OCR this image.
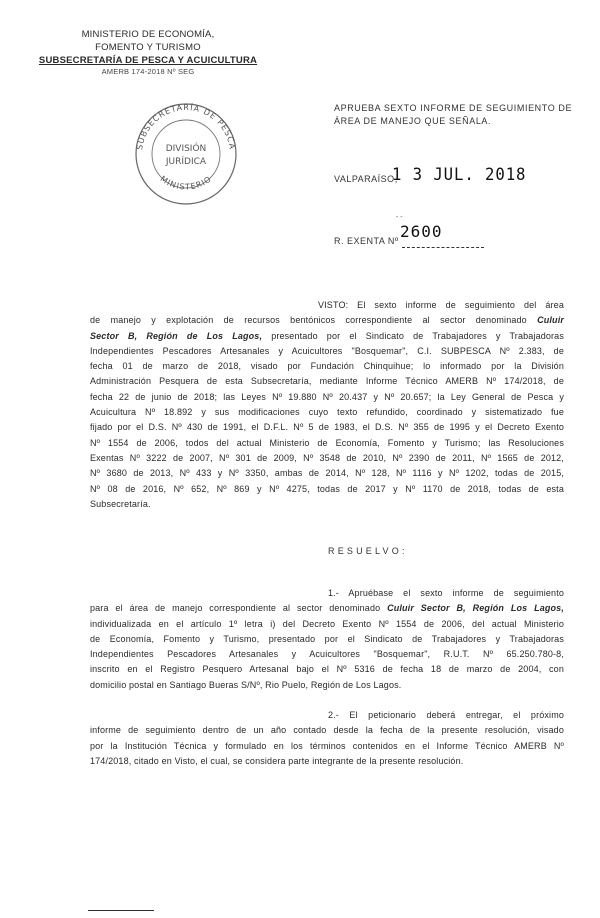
MINISTERIO DE ECONOMÍA,
FOMENTO Y TURISMO
SUBSECRETARÍA DE PESCA Y ACUICULTURA
AMERB 174-2018 Nº SEG
SUBSECRETARÍA DE PESCA
MINISTERIO
DIVISIÓN
JURÍDICA
APRUEBA SEXTO INFORME DE SEGUIMIENTO DE
ÁREA DE MANEJO QUE SEÑALA.
VALPARAÍSO,
1 3 JUL. 2018
- -
2600
R. EXENTA Nº
VISTO: El sexto informe de seguimiento del área
de manejo y explotación de recursos bentónicos correspondiente al sector denominado Culuir
Sector B, Región de Los Lagos, presentado por el Sindicato de Trabajadores y Trabajadoras
Independientes Pescadores Artesanales y Acuicultores "Bosquemar", C.I. SUBPESCA Nº 2.383, de
fecha 01 de marzo de 2018, visado por Fundación Chinquihue; lo informado por la División
Administración Pesquera de esta Subsecretaría, mediante Informe Técnico AMERB Nº 174/2018, de
fecha 22 de junio de 2018; las Leyes Nº 19.880 Nº 20.437 y Nº 20.657; la Ley General de Pesca y
Acuicultura Nº 18.892 y sus modificaciones cuyo texto refundido, coordinado y sistematizado fue
fijado por el D.S. Nº 430 de 1991, el D.F.L. Nº 5 de 1983, el D.S. Nº 355 de 1995 y el Decreto Exento
Nº 1554 de 2006, todos del actual Ministerio de Economía, Fomento y Turismo; las Resoluciones
Exentas Nº 3222 de 2007, Nº 301 de 2009, Nº 3548 de 2010, Nº 2390 de 2011, Nº 1565 de 2012,
Nº 3680 de 2013, Nº 433 y Nº 3350, ambas de 2014, Nº 128, Nº 1116 y Nº 1202, todas de 2015,
Nº 08 de 2016, Nº 652, Nº 869 y Nº 4275, todas de 2017 y Nº 1170 de 2018, todas de esta
Subsecretaría.
RESUELVO:
1.- Apruébase el sexto informe de seguimiento
para el área de manejo correspondiente al sector denominado Culuir Sector B, Región Los Lagos,
individualizada en el artículo 1º letra i) del Decreto Exento Nº 1554 de 2006, del actual Ministerio
de Economía, Fomento y Turismo, presentado por el Sindicato de Trabajadores y Trabajadoras
Independientes Pescadores Artesanales y Acuicultores "Bosquemar", R.U.T. Nº 65.250.780-8,
inscrito en el Registro Pesquero Artesanal bajo el Nº 5316 de fecha 18 de marzo de 2004, con
domicilio postal en Santiago Bueras S/Nº, Rio Puelo, Región de Los Lagos.
2.- El peticionario deberá entregar, el próximo
informe de seguimiento dentro de un año contado desde la fecha de la presente resolución, visado
por la Institución Técnica y formulado en los términos contenidos en el Informe Técnico AMERB Nº
174/2018, citado en Visto, el cual, se considera parte integrante de la presente resolución.
